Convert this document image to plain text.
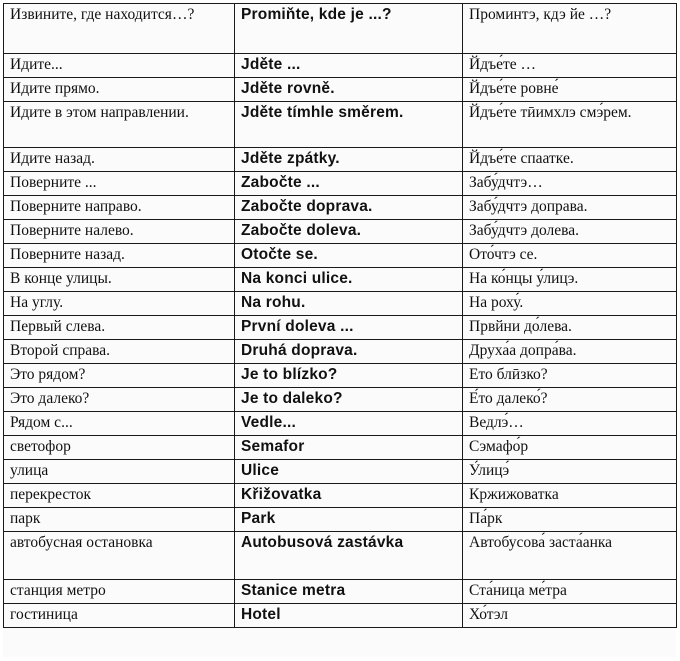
Извините, где находится…?	Promiňte, kde je ...?	Проминтэ, кдэ йе …?
Идите...	Jděte ...	Йдъе́те …
Идите прямо.	Jděte rovně.	Йдъе́те ровне́
Идите в этом направлении.	Jděte tímhle směrem.	Йдъе́те тӣимхлэ смэ́рем.
Идите назад.	Jděte zpátky.	Йдъе́те спаатке.
Поверните ...	Zabočte ...	Забу́дчтэ…
Поверните направо.	Zabočte doprava.	Забу́дчтэ доправа.
Поверните налево.	Zabočte doleva.	Забу́дчтэ долева.
Поверните назад.	Otočte se.	Ото́чтэ се.
В конце улицы.	Na konci ulice.	На ко́нцы у́лицэ.
На углу.	Na rohu.	На роху́.
Первый слева.	První doleva ...	Првйни до́лева.
Второй справа.	Druhá doprava.	Друха́а допра́ва.
Это рядом?	Je to blízko?	Ето блӣзко?
Это далеко?	Je to daleko?	Е́то далеко́?
Рядом с...	Vedle...	Ведлэ́…
светофор	Semafor	Сэмафо́р
улица	Ulice	У́лицэ́
перекресток	Křižovatka	Кржижоватка
парк	Park	Па́рк
автобусная остановка	Autobusová zastávka	Автобусова́ заста́анка
станция метро	Stanice metra	Ста́ница ме́тра
гостиница	Hotel	Хо́тэл
